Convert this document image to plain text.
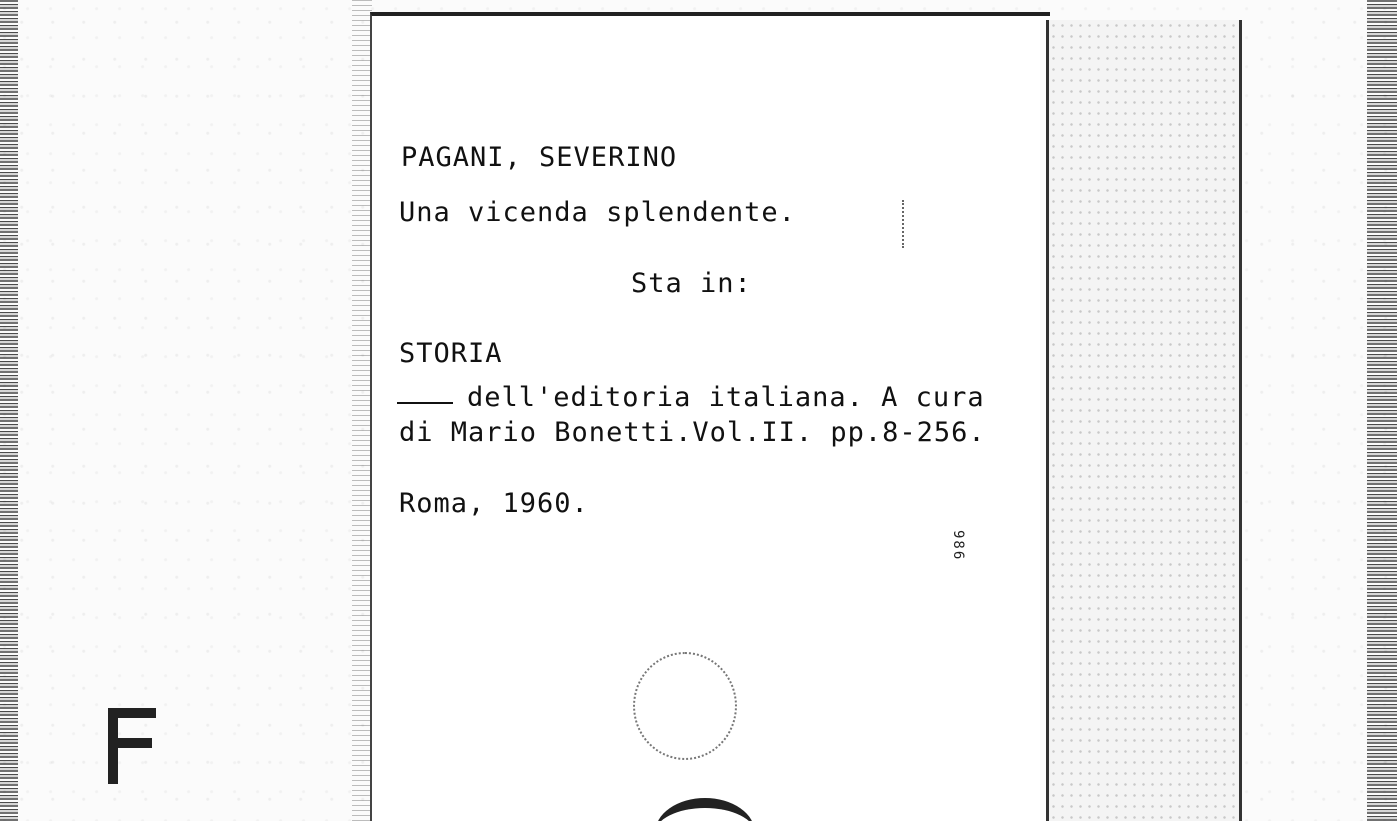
PAGANI, SEVERINO
Una vicenda splendente.
Sta in:
STORIA
dell'editoria italiana. A cura
di Mario Bonetti.Vol.II. pp.8-256.
Roma, 1960.
986
